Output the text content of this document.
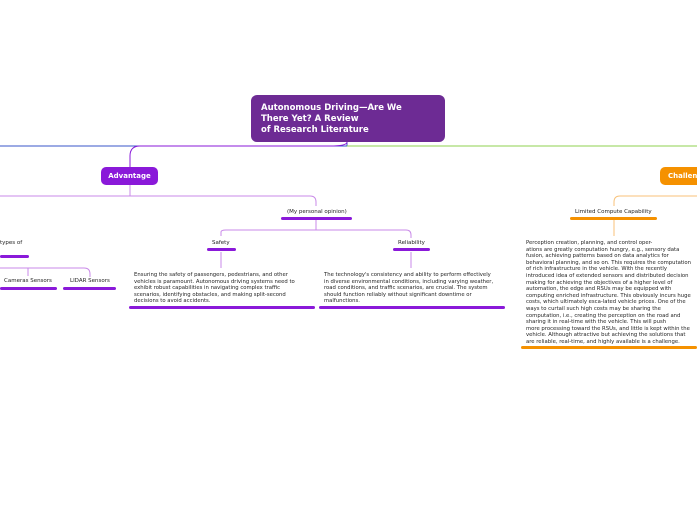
Autonomous Driving—Are We
There Yet? A Review
of Research Literature
Advantage	Challen
types of
Cameras Sensors	LIDAR Sensors
(My personal opinion)
Safety
Ensuring the safety of passengers, pedestrians, and other
vehicles is paramount. Autonomous driving systems need to
exhibit robust capabilities in navigating complex traffic
scenarios, identifying obstacles, and making split-second
decisions to avoid accidents.
Reliability
The technology's consistency and ability to perform effectively
in diverse environmental conditions, including varying weather,
road conditions, and traffic scenarios, are crucial. The system
should function reliably without significant downtime or
malfunctions.
Limited Compute Capability
Perception creation, planning, and control oper-
ations are greatly computation hungry, e.g., sensory data
fusion, achieving patterns based on data analytics for
behavioral planning, and so on. This requires the computation
of rich infrastructure in the vehicle. With the recently
introduced idea of extended sensors and distributed decision
making for achieving the objectives of a higher level of
automation, the edge and RSUs may be equipped with
computing enriched infrastructure. This obviously incurs huge
costs, which ultimately esca-lated vehicle prices. One of the
ways to curtail such high costs may be sharing the
computation, i.e., creating the perception on the road and
sharing it in real-time with the vehicle. This will push
more processing toward the RSUs, and little is kept within the
vehicle. Although attractive but achieving the solutions that
are reliable, real-time, and highly available is a challenge.
